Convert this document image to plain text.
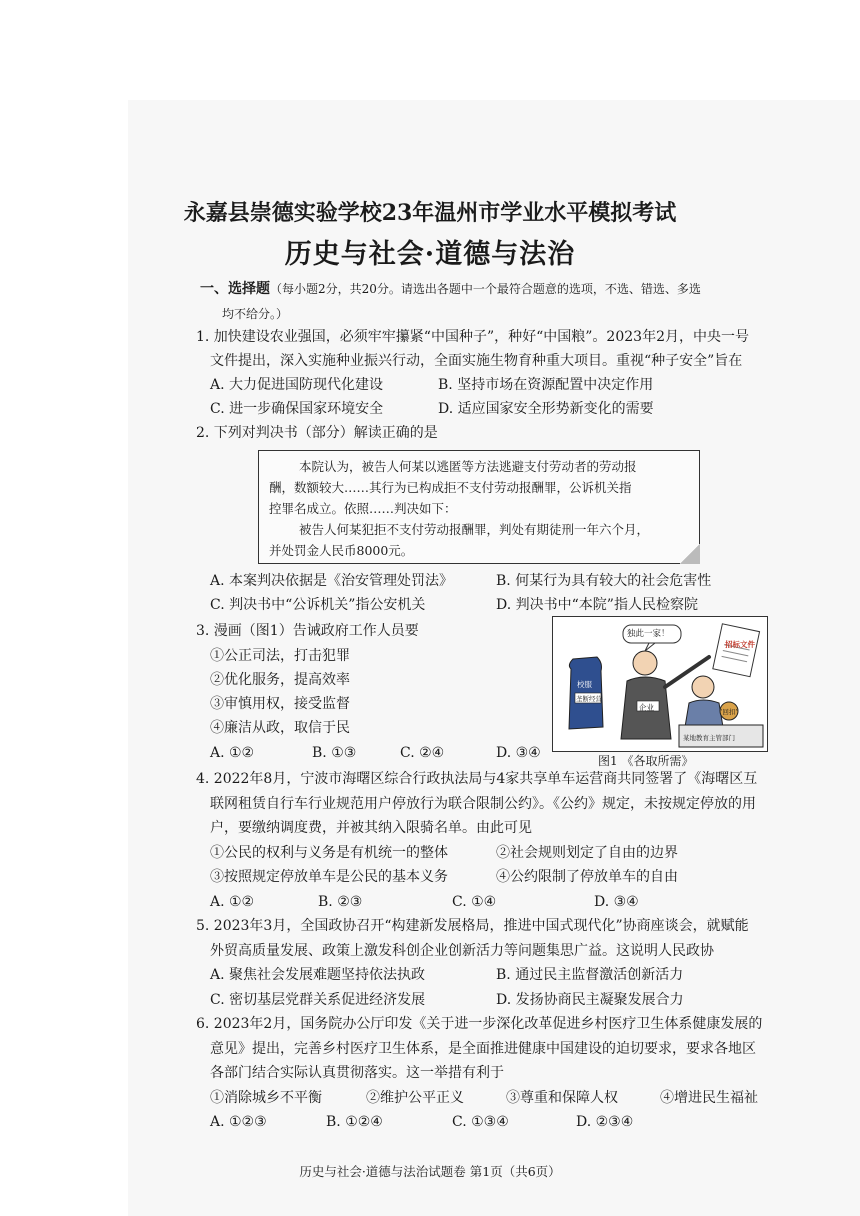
永嘉县崇德实验学校23年温州市学业水平模拟考试
历史与社会·道德与法治
一、选择题（每小题2分，共20分。请选出各题中一个最符合题意的选项，不选、错选、多选
均不给分。）
1. 加快建设农业强国，必须牢牢攥紧“中国种子”，种好“中国粮”。2023年2月，中央一号
文件提出，深入实施种业振兴行动，全面实施生物育种重大项目。重视“种子安全”旨在
A. 大力促进国防现代化建设	B. 坚持市场在资源配置中决定作用
C. 进一步确保国家环境安全	D. 适应国家安全形势新变化的需要
2. 下列对判决书（部分）解读正确的是
本院认为，被告人何某以逃匿等方法逃避支付劳动者的劳动报
酬，数额较大……其行为已构成拒不支付劳动报酬罪，公诉机关指
控罪名成立。依照……判决如下：
被告人何某犯拒不支付劳动报酬罪，判处有期徒刑一年六个月，
并处罚金人民币8000元。
A. 本案判决依据是《治安管理处罚法》	B. 何某行为具有较大的社会危害性
C. 判决书中“公诉机关”指公安机关	D. 判决书中“本院”指人民检察院
3. 漫画（图1）告诫政府工作人员要
①公正司法，打击犯罪
②优化服务，提高效率
③审慎用权，接受监督
④廉洁从政，取信于民
A. ①②	B. ①③	C. ②④	D. ③④
独此一家！
招标文件
校服
垄断经营
企业	“回扣”
某地教育主管部门
图1 《各取所需》
4. 2022年8月，宁波市海曙区综合行政执法局与4家共享单车运营商共同签署了《海曙区互
联网租赁自行车行业规范用户停放行为联合限制公约》。《公约》规定，未按规定停放的用
户，要缴纳调度费，并被其纳入限骑名单。由此可见
①公民的权利与义务是有机统一的整体	②社会规则划定了自由的边界
③按照规定停放单车是公民的基本义务	④公约限制了停放单车的自由
A. ①②	B. ②③	C. ①④	D. ③④
5. 2023年3月，全国政协召开“构建新发展格局，推进中国式现代化”协商座谈会，就赋能
外贸高质量发展、政策上激发科创企业创新活力等问题集思广益。这说明人民政协
A. 聚焦社会发展难题坚持依法执政	B. 通过民主监督激活创新活力
C. 密切基层党群关系促进经济发展	D. 发扬协商民主凝聚发展合力
6. 2023年2月，国务院办公厅印发《关于进一步深化改革促进乡村医疗卫生体系健康发展的
意见》提出，完善乡村医疗卫生体系，是全面推进健康中国建设的迫切要求，要求各地区
各部门结合实际认真贯彻落实。这一举措有利于
①消除城乡不平衡	②维护公平正义	③尊重和保障人权	④增进民生福祉
A. ①②③	B. ①②④	C. ①③④	D. ②③④
历史与社会·道德与法治试题卷 第1页（共6页）
